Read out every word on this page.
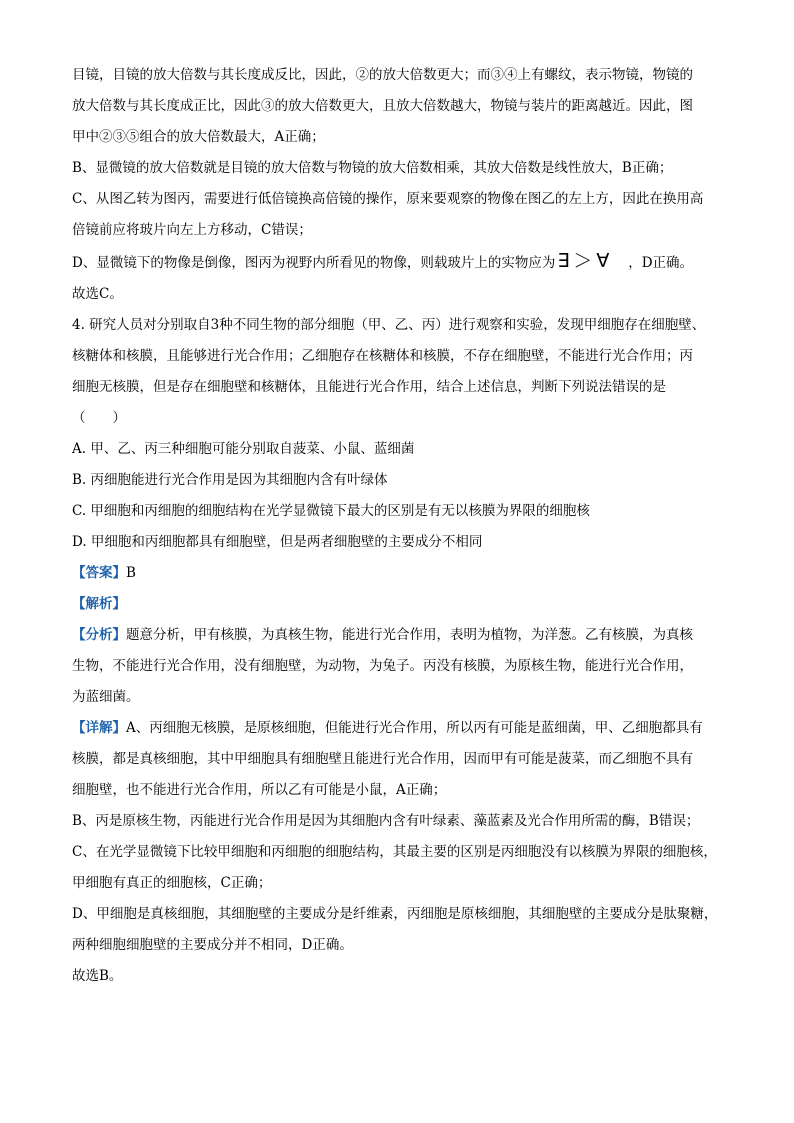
目镜，目镜的放大倍数与其长度成反比，因此，②的放大倍数更大；而③④上有螺纹，表示物镜，物镜的
放大倍数与其长度成正比，因此③的放大倍数更大，且放大倍数越大，物镜与装片的距离越近。因此，图
甲中②③⑤组合的放大倍数最大，A正确；
B、显微镜的放大倍数就是目镜的放大倍数与物镜的放大倍数相乘，其放大倍数是线性放大，B正确；
C、从图乙转为图丙，需要进行低倍镜换高倍镜的操作，原来要观察的物像在图乙的左上方，因此在换用高
倍镜前应将玻片向左上方移动，C错误；
D、显微镜下的物像是倒像，图丙为视野内所看见的物像，则载玻片上的实物应为 ∃＞∀ ，D正确。
故选C。
4. 研究人员对分别取自3种不同生物的部分细胞（甲、乙、丙）进行观察和实验，发现甲细胞存在细胞壁、
核糖体和核膜，且能够进行光合作用；乙细胞存在核糖体和核膜，不存在细胞壁，不能进行光合作用；丙
细胞无核膜，但是存在细胞壁和核糖体，且能进行光合作用，结合上述信息，判断下列说法错误的是
（　　）
A. 甲、乙、丙三种细胞可能分别取自菠菜、小鼠、蓝细菌
B. 丙细胞能进行光合作用是因为其细胞内含有叶绿体
C. 甲细胞和丙细胞的细胞结构在光学显微镜下最大的区别是有无以核膜为界限的细胞核
D. 甲细胞和丙细胞都具有细胞壁，但是两者细胞壁的主要成分不相同
【答案】B
【解析】
【分析】题意分析，甲有核膜，为真核生物，能进行光合作用，表明为植物，为洋葱。乙有核膜，为真核
生物，不能进行光合作用，没有细胞壁，为动物，为兔子。丙没有核膜，为原核生物，能进行光合作用，
为蓝细菌。
【详解】A、丙细胞无核膜，是原核细胞，但能进行光合作用，所以丙有可能是蓝细菌，甲、乙细胞都具有
核膜，都是真核细胞，其中甲细胞具有细胞壁且能进行光合作用，因而甲有可能是菠菜，而乙细胞不具有
细胞壁，也不能进行光合作用，所以乙有可能是小鼠，A正确；
B、丙是原核生物，丙能进行光合作用是因为其细胞内含有叶绿素、藻蓝素及光合作用所需的酶，B错误；
C、在光学显微镜下比较甲细胞和丙细胞的细胞结构，其最主要的区别是丙细胞没有以核膜为界限的细胞核，
甲细胞有真正的细胞核，C正确；
D、甲细胞是真核细胞，其细胞壁的主要成分是纤维素，丙细胞是原核细胞，其细胞壁的主要成分是肽聚糖，
两种细胞细胞壁的主要成分并不相同，D正确。
故选B。
